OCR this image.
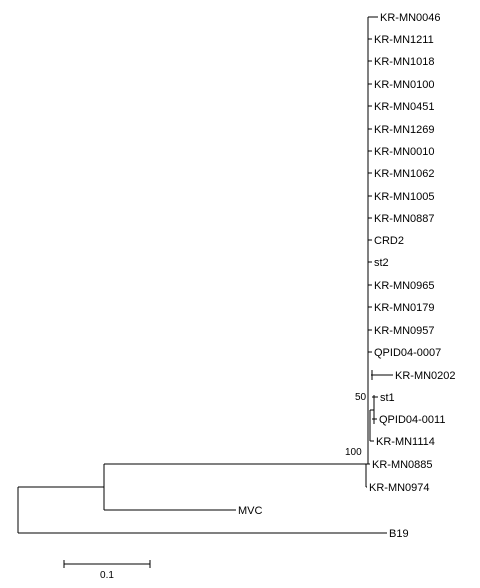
KR-MN0046
KR-MN1211
KR-MN1018
KR-MN0100
KR-MN0451
KR-MN1269
KR-MN0010
KR-MN1062
KR-MN1005
KR-MN0887
CRD2
st2
KR-MN0965
KR-MN0179
KR-MN0957
QPID04-0007
KR-MN0202
st1
QPID04-0011
KR-MN1114
KR-MN0885
KR-MN0974
MVC
B19
50
100
0.1
